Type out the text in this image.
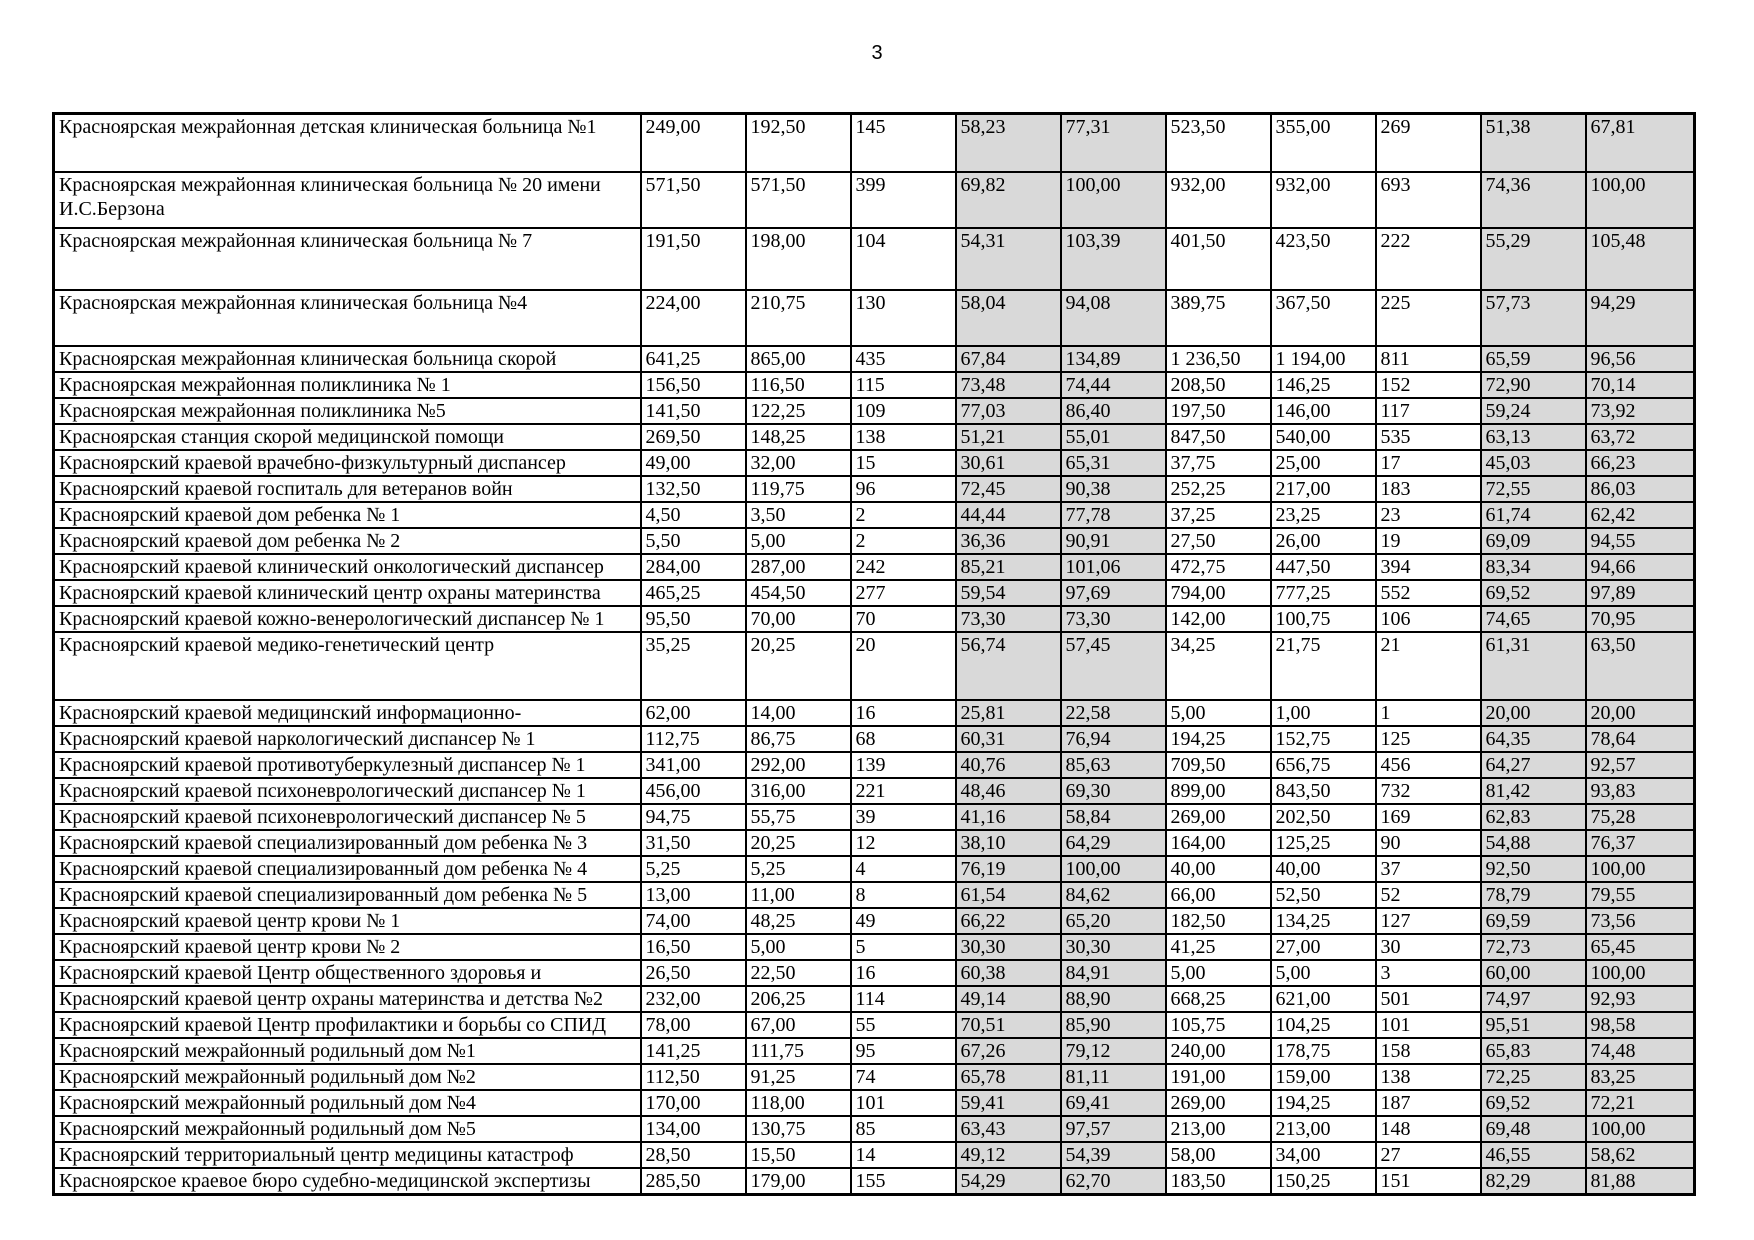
3
Красноярская межрайонная детская клиническая больница №1	249,00	192,50	145	58,23	77,31	523,50	355,00	269	51,38	67,81
Красноярская межрайонная клиническая больница № 20 имени И.С.Берзона	571,50	571,50	399	69,82	100,00	932,00	932,00	693	74,36	100,00
Красноярская межрайонная клиническая больница № 7	191,50	198,00	104	54,31	103,39	401,50	423,50	222	55,29	105,48
Красноярская межрайонная клиническая больница №4	224,00	210,75	130	58,04	94,08	389,75	367,50	225	57,73	94,29
Красноярская межрайонная клиническая больница скорой	641,25	865,00	435	67,84	134,89	1 236,50	1 194,00	811	65,59	96,56
Красноярская межрайонная поликлиника № 1	156,50	116,50	115	73,48	74,44	208,50	146,25	152	72,90	70,14
Красноярская межрайонная поликлиника №5	141,50	122,25	109	77,03	86,40	197,50	146,00	117	59,24	73,92
Красноярская станция скорой медицинской помощи	269,50	148,25	138	51,21	55,01	847,50	540,00	535	63,13	63,72
Красноярский краевой врачебно-физкультурный диспансер	49,00	32,00	15	30,61	65,31	37,75	25,00	17	45,03	66,23
Красноярский краевой госпиталь для ветеранов войн	132,50	119,75	96	72,45	90,38	252,25	217,00	183	72,55	86,03
Красноярский краевой дом ребенка № 1	4,50	3,50	2	44,44	77,78	37,25	23,25	23	61,74	62,42
Красноярский краевой дом ребенка № 2	5,50	5,00	2	36,36	90,91	27,50	26,00	19	69,09	94,55
Красноярский краевой клинический онкологический диспансер	284,00	287,00	242	85,21	101,06	472,75	447,50	394	83,34	94,66
Красноярский краевой клинический центр охраны материнства	465,25	454,50	277	59,54	97,69	794,00	777,25	552	69,52	97,89
Красноярский краевой кожно-венерологический диспансер № 1	95,50	70,00	70	73,30	73,30	142,00	100,75	106	74,65	70,95
Красноярский краевой медико-генетический центр	35,25	20,25	20	56,74	57,45	34,25	21,75	21	61,31	63,50
Красноярский краевой медицинский информационно-	62,00	14,00	16	25,81	22,58	5,00	1,00	1	20,00	20,00
Красноярский краевой наркологический диспансер № 1	112,75	86,75	68	60,31	76,94	194,25	152,75	125	64,35	78,64
Красноярский краевой противотуберкулезный диспансер № 1	341,00	292,00	139	40,76	85,63	709,50	656,75	456	64,27	92,57
Красноярский краевой психоневрологический диспансер № 1	456,00	316,00	221	48,46	69,30	899,00	843,50	732	81,42	93,83
Красноярский краевой психоневрологический диспансер № 5	94,75	55,75	39	41,16	58,84	269,00	202,50	169	62,83	75,28
Красноярский краевой специализированный дом ребенка № 3	31,50	20,25	12	38,10	64,29	164,00	125,25	90	54,88	76,37
Красноярский краевой специализированный дом ребенка № 4	5,25	5,25	4	76,19	100,00	40,00	40,00	37	92,50	100,00
Красноярский краевой специализированный дом ребенка № 5	13,00	11,00	8	61,54	84,62	66,00	52,50	52	78,79	79,55
Красноярский краевой центр крови № 1	74,00	48,25	49	66,22	65,20	182,50	134,25	127	69,59	73,56
Красноярский краевой центр крови № 2	16,50	5,00	5	30,30	30,30	41,25	27,00	30	72,73	65,45
Красноярский краевой Центр общественного здоровья и	26,50	22,50	16	60,38	84,91	5,00	5,00	3	60,00	100,00
Красноярский краевой центр охраны материнства и детства №2	232,00	206,25	114	49,14	88,90	668,25	621,00	501	74,97	92,93
Красноярский краевой Центр профилактики и борьбы со СПИД	78,00	67,00	55	70,51	85,90	105,75	104,25	101	95,51	98,58
Красноярский межрайонный родильный дом №1	141,25	111,75	95	67,26	79,12	240,00	178,75	158	65,83	74,48
Красноярский межрайонный родильный дом №2	112,50	91,25	74	65,78	81,11	191,00	159,00	138	72,25	83,25
Красноярский межрайонный родильный дом №4	170,00	118,00	101	59,41	69,41	269,00	194,25	187	69,52	72,21
Красноярский межрайонный родильный дом №5	134,00	130,75	85	63,43	97,57	213,00	213,00	148	69,48	100,00
Красноярский территориальный центр медицины катастроф	28,50	15,50	14	49,12	54,39	58,00	34,00	27	46,55	58,62
Красноярское краевое бюро судебно-медицинской экспертизы	285,50	179,00	155	54,29	62,70	183,50	150,25	151	82,29	81,88
